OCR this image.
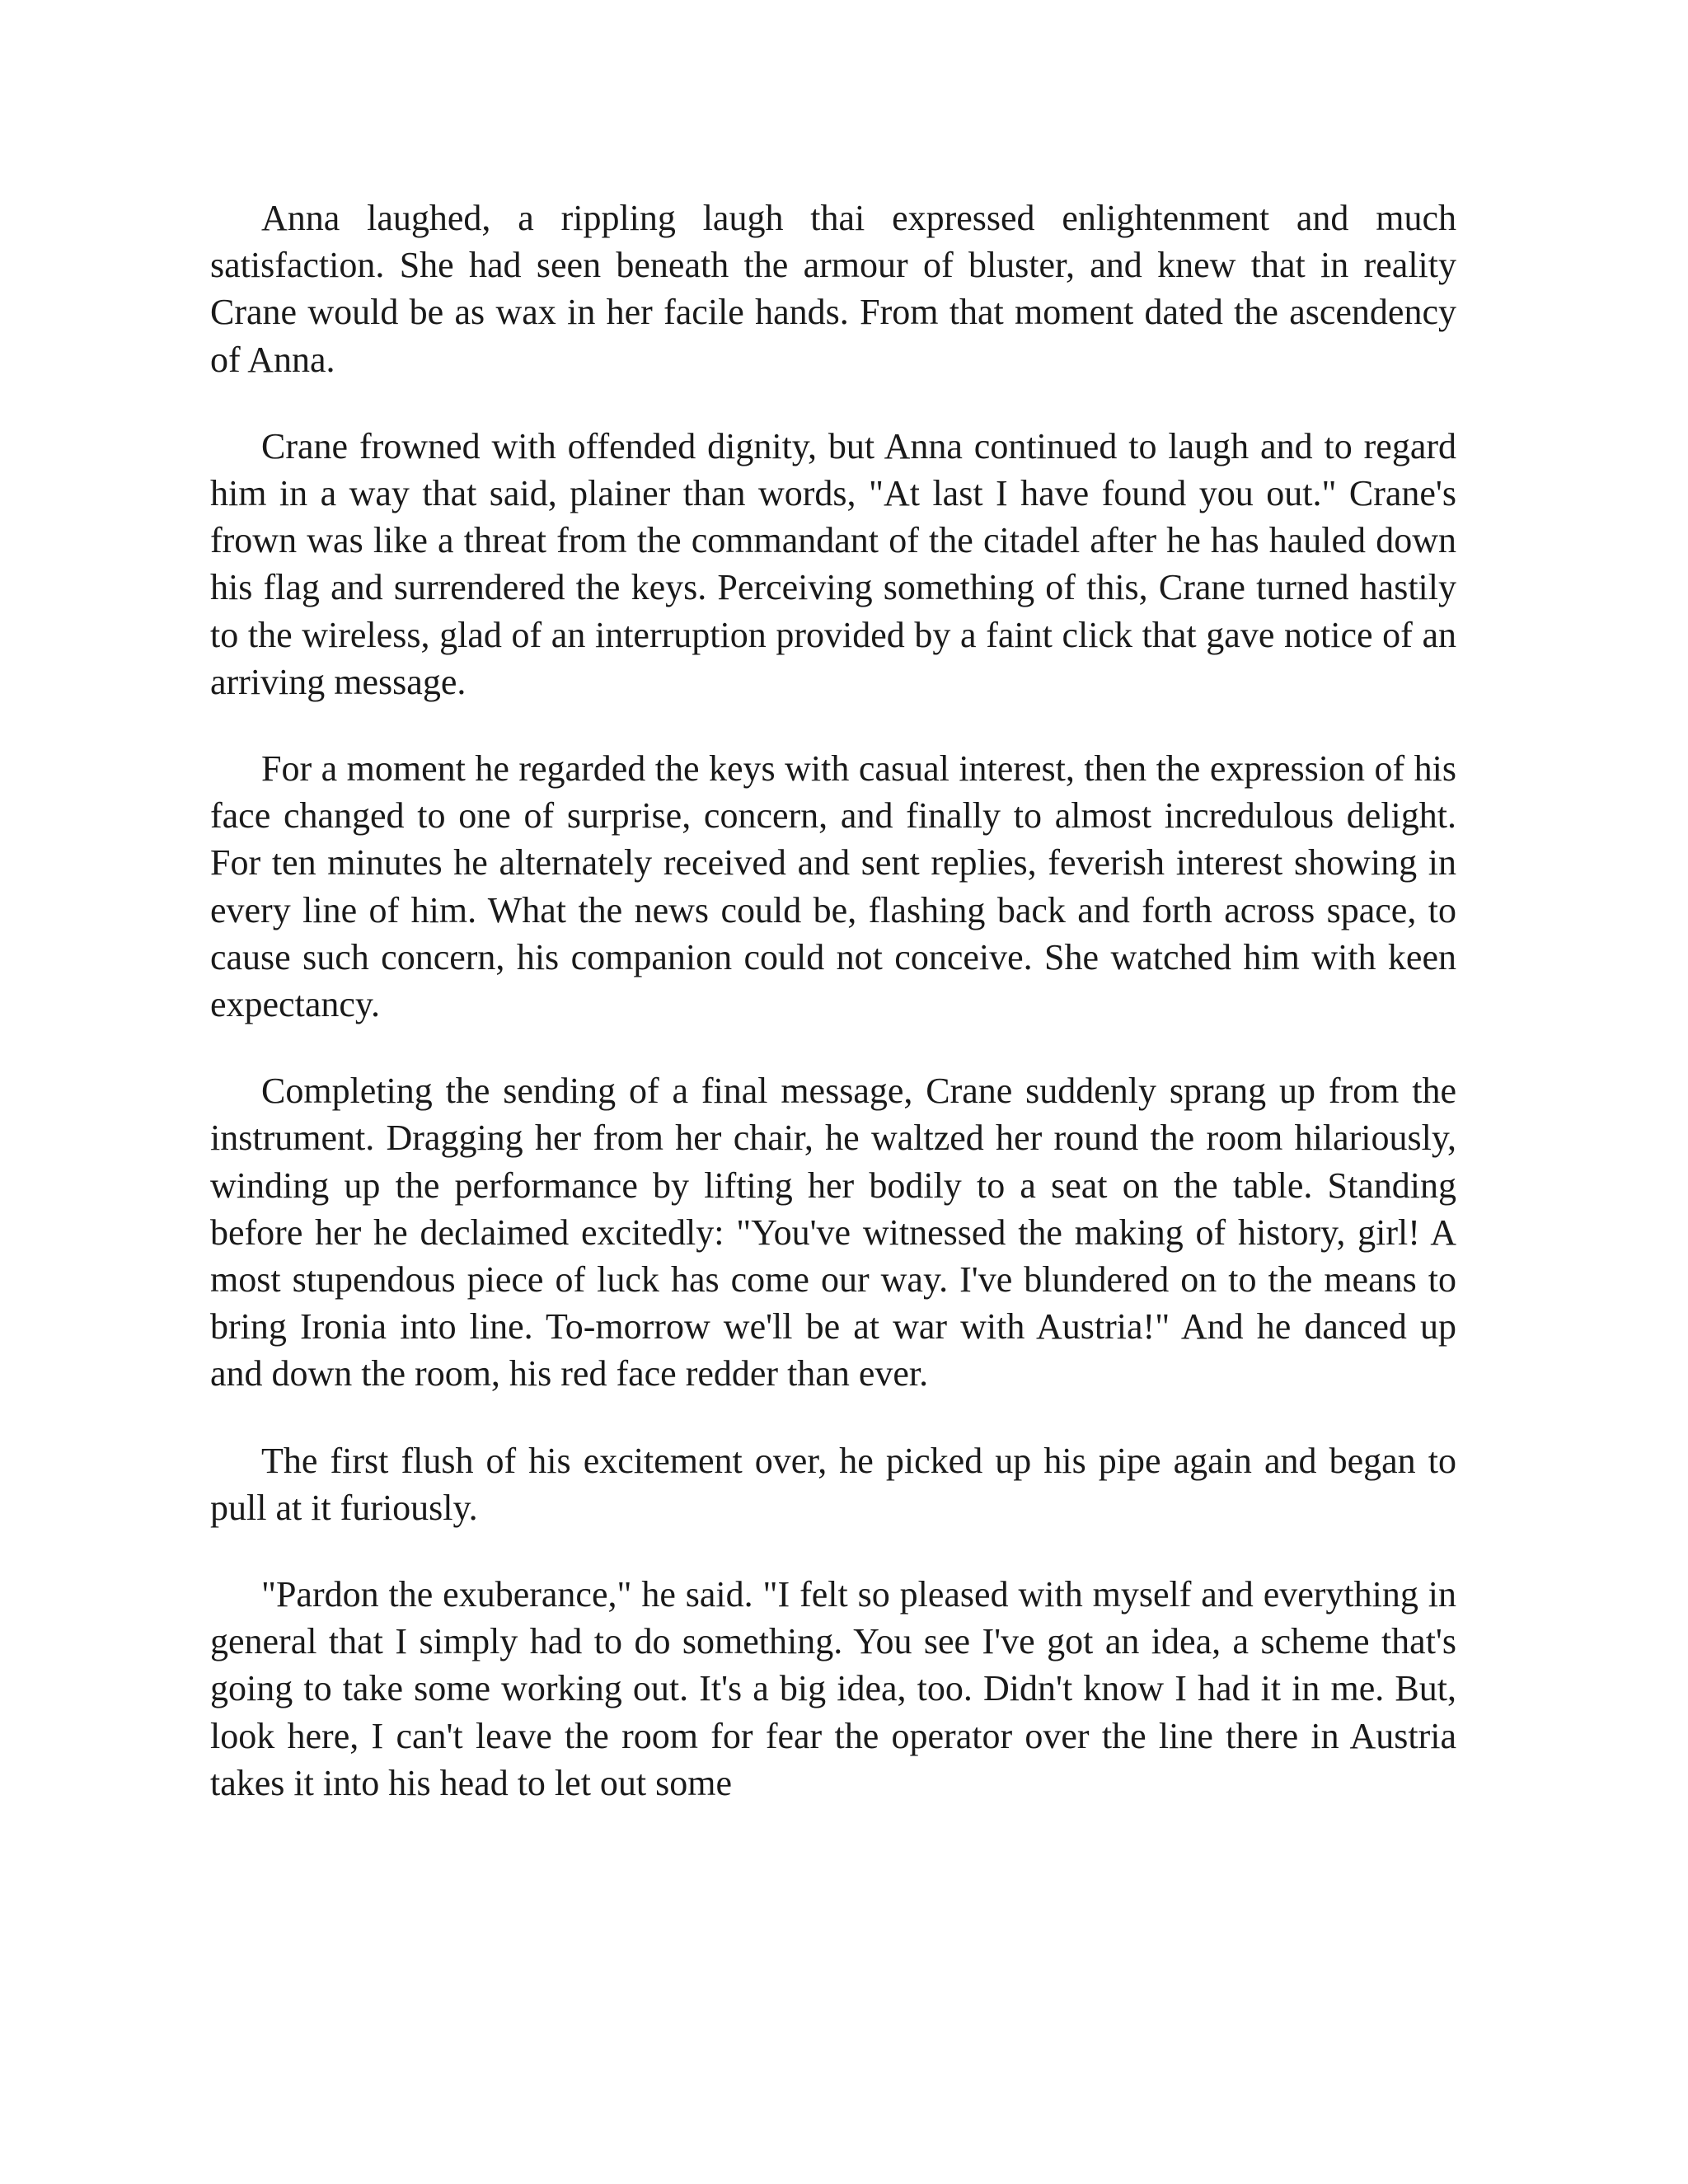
Anna laughed, a rippling laugh thai expressed enlightenment and much satisfaction. She had seen beneath the armour of bluster, and knew that in reality Crane would be as wax in her facile hands. From that moment dated the ascendency of Anna.

Crane frowned with offended dignity, but Anna continued to laugh and to regard him in a way that said, plainer than words, "At last I have found you out." Crane's frown was like a threat from the commandant of the citadel after he has hauled down his flag and surrendered the keys. Perceiving something of this, Crane turned hastily to the wireless, glad of an interruption provided by a faint click that gave notice of an arriving message.

For a moment he regarded the keys with casual interest, then the expression of his face changed to one of surprise, concern, and finally to almost incredulous delight. For ten minutes he alternately received and sent replies, feverish interest showing in every line of him. What the news could be, flashing back and forth across space, to cause such concern, his companion could not conceive. She watched him with keen expectancy.

Completing the sending of a final message, Crane suddenly sprang up from the instrument. Dragging her from her chair, he waltzed her round the room hilariously, winding up the performance by lifting her bodily to a seat on the table. Standing before her he declaimed excitedly: "You've witnessed the making of history, girl! A most stupendous piece of luck has come our way. I've blundered on to the means to bring Ironia into line. To-morrow we'll be at war with Austria!" And he danced up and down the room, his red face redder than ever.

The first flush of his excitement over, he picked up his pipe again and began to pull at it furiously.

"Pardon the exuberance," he said. "I felt so pleased with myself and everything in general that I simply had to do something. You see I've got an idea, a scheme that's going to take some working out. It's a big idea, too. Didn't know I had it in me. But, look here, I can't leave the room for fear the operator over the line there in Austria takes it into his head to let out some
